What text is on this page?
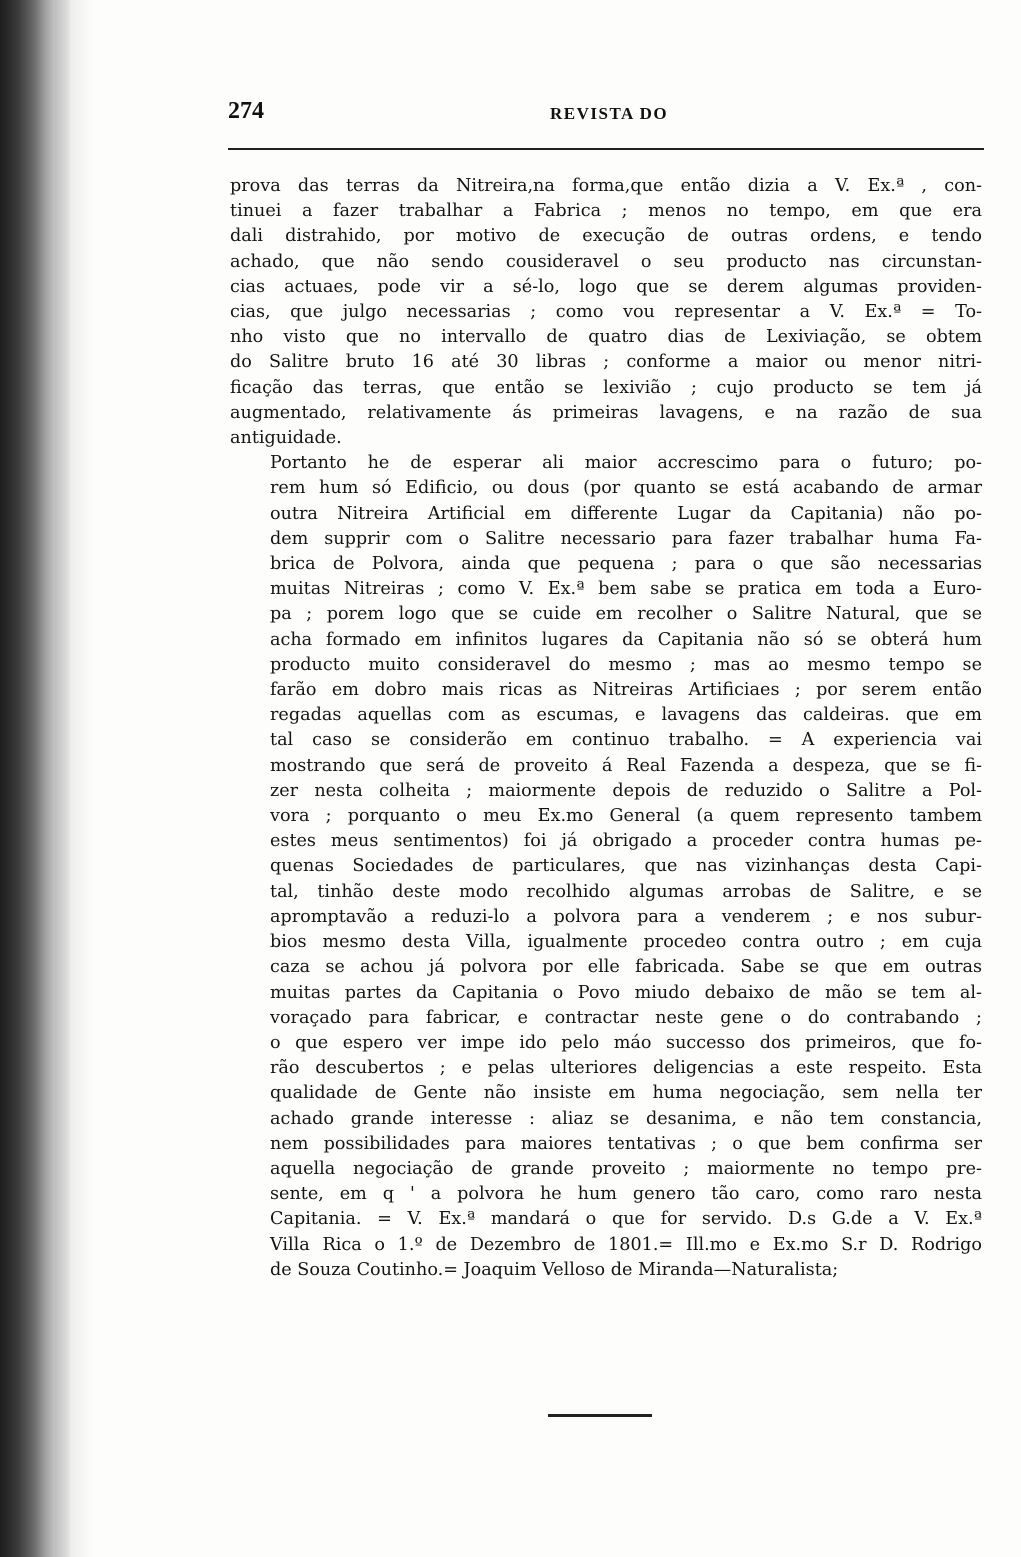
274	REVISTA DO

prova das terras da Nitreira,na forma,que então dizia a V. Ex.ª , con-
tinuei a fazer trabalhar a Fabrica ; menos no tempo, em que era
dali distrahido, por motivo de execução de outras ordens, e tendo
achado, que não sendo cousideravel o seu producto nas circunstan-
cias actuaes, pode vir a sé-lo, logo que se derem algumas providen-
cias, que julgo necessarias ; como vou representar a V. Ex.ª = To-
nho visto que no intervallo de quatro dias de Lexiviação, se obtem
do Salitre bruto 16 até 30 libras ; conforme a maior ou menor nitri-
ficação das terras, que então se lexivião ; cujo producto se tem já
augmentado, relativamente ás primeiras lavagens, e na razão de sua
antiguidade.

Portanto he de esperar ali maior accrescimo para o futuro; po-
rem hum só Edificio, ou dous (por quanto se está acabando de armar
outra Nitreira Artificial em differente Lugar da Capitania) não po-
dem supprir com o Salitre necessario para fazer trabalhar huma Fa-
brica de Polvora, ainda que pequena ; para o que são necessarias
muitas Nitreiras ; como V. Ex.ª bem sabe se pratica em toda a Euro-
pa ; porem logo que se cuide em recolher o Salitre Natural, que se
acha formado em infinitos lugares da Capitania não só se obterá hum
producto muito consideravel do mesmo ; mas ao mesmo tempo se
farão em dobro mais ricas as Nitreiras Artificiaes ; por serem então
regadas aquellas com as escumas, e lavagens das caldeiras. que em
tal caso se considerão em continuo trabalho. = A experiencia vai
mostrando que será de proveito á Real Fazenda a despeza, que se fi-
zer nesta colheita ; maiormente depois de reduzido o Salitre a Pol-
vora ; porquanto o meu Ex.mo General (a quem represento tambem
estes meus sentimentos) foi já obrigado a proceder contra humas pe-
quenas Sociedades de particulares, que nas vizinhanças desta Capi-
tal, tinhão deste modo recolhido algumas arrobas de Salitre, e se
apromptavão a reduzi-lo a polvora para a venderem ; e nos subur-
bios mesmo desta Villa, igualmente procedeo contra outro ; em cuja
caza se achou já polvora por elle fabricada. Sabe se que em outras
muitas partes da Capitania o Povo miudo debaixo de mão se tem al-
voraçado para fabricar, e contractar neste gene o do contrabando ;
o que espero ver impe ido pelo máo successo dos primeiros, que fo-
rão descubertos ; e pelas ulteriores deligencias a este respeito. Esta
qualidade de Gente não insiste em huma negociação, sem nella ter
achado grande interesse : aliaz se desanima, e não tem constancia,
nem possibilidades para maiores tentativas ; o que bem confirma ser
aquella negociação de grande proveito ; maiormente no tempo pre-
sente, em q ' a polvora he hum genero tão caro, como raro nesta
Capitania. = V. Ex.ª mandará o que for servido. D.s G.de a V. Ex.ª
Villa Rica o 1.º de Dezembro de 1801.= Ill.mo e Ex.mo S.r D. Rodrigo
de Souza Coutinho.= Joaquim Velloso de Miranda—Naturalista;
